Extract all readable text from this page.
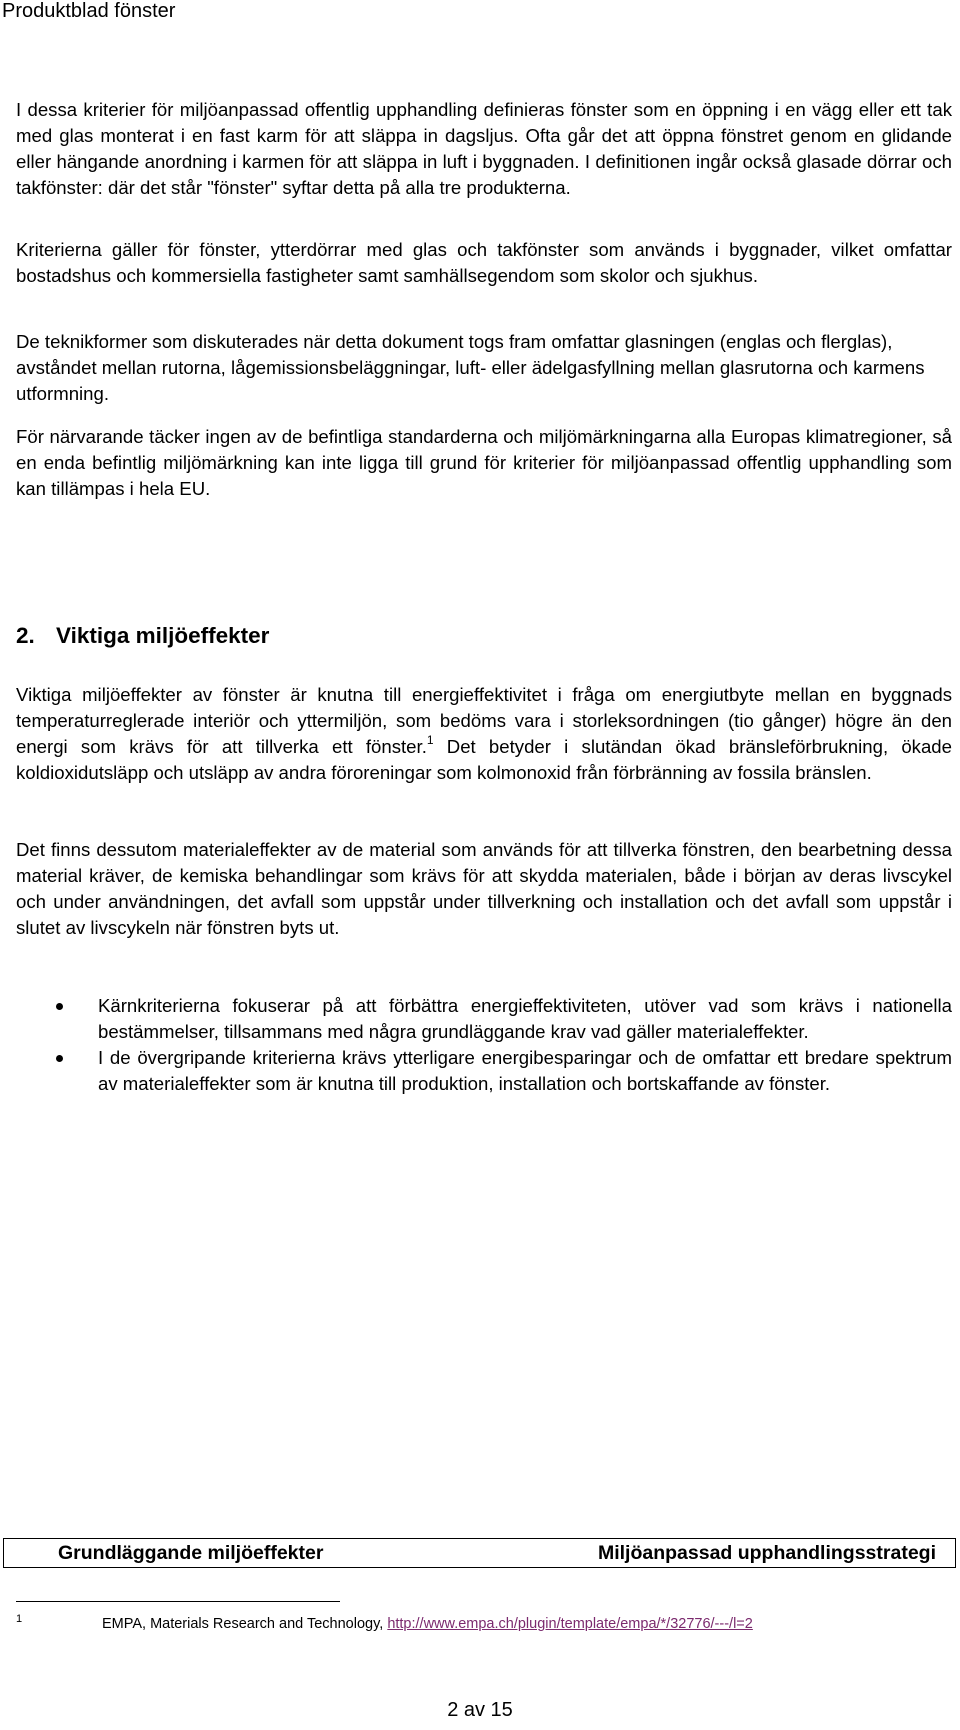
Produktblad fönster

I dessa kriterier för miljöanpassad offentlig upphandling definieras fönster som en öppning i en vägg eller ett tak med glas monterat i en fast karm för att släppa in dagsljus. Ofta går det att öppna fönstret genom en glidande eller hängande anordning i karmen för att släppa in luft i byggnaden. I definitionen ingår också glasade dörrar och takfönster: där det står "fönster" syftar detta på alla tre produkterna.

Kriterierna gäller för fönster, ytterdörrar med glas och takfönster som används i byggnader, vilket omfattar bostadshus och kommersiella fastigheter samt samhällsegendom som skolor och sjukhus.

De teknikformer som diskuterades när detta dokument togs fram omfattar glasningen (englas och flerglas), avståndet mellan rutorna, lågemissionsbeläggningar, luft- eller ädelgasfyllning mellan glasrutorna och karmens utformning.

För närvarande täcker ingen av de befintliga standarderna och miljömärkningarna alla Europas klimatregioner, så en enda befintlig miljömärkning kan inte ligga till grund för kriterier för miljöanpassad offentlig upphandling som kan tillämpas i hela EU.

2. Viktiga miljöeffekter

Viktiga miljöeffekter av fönster är knutna till energieffektivitet i fråga om energiutbyte mellan en byggnads temperaturreglerade interiör och yttermiljön, som bedöms vara i storleksordningen (tio gånger) högre än den energi som krävs för att tillverka ett fönster.$^1$ Det betyder i slutändan ökad bränsleförbrukning, ökade koldioxidutsläpp och utsläpp av andra föroreningar som kolmonoxid från förbränning av fossila bränslen.

Det finns dessutom materialeffekter av de material som används för att tillverka fönstren, den bearbetning dessa material kräver, de kemiska behandlingar som krävs för att skydda materialen, både i början av deras livscykel och under användningen, det avfall som uppstår under tillverkning och installation och det avfall som uppstår i slutet av livscykeln när fönstren byts ut.

Kärnkriterierna fokuserar på att förbättra energieffektiviteten, utöver vad som krävs i nationella bestämmelser, tillsammans med några grundläggande krav vad gäller materialeffekter.
I de övergripande kriterierna krävs ytterligare energibesparingar och de omfattar ett bredare spektrum av materialeffekter som är knutna till produktion, installation och bortskaffande av fönster.
Grundläggande miljöeffekter	Miljöanpassad upphandlingsstrategi
1	EMPA, Materials Research and Technology, http://www.empa.ch/plugin/template/empa/*/32776/---/l=2
2 av 15
